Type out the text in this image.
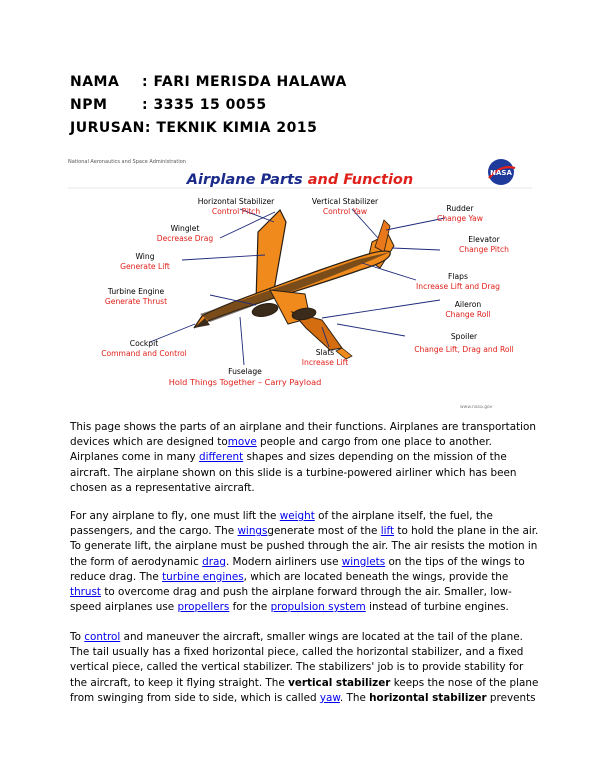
NAMA : FARI MERISDA HALAWA
NPM : 3335 15 0055
JURUSAN: TEKNIK KIMIA 2015
National Aeronautics and Space Administration
Airplane Parts and Function	NASA
Horizontal Stabilizer
Control Pitch
Vertical Stabilizer
Control Yaw	Rudder
Change Yaw
Winglet
Decrease Drag	Elevator
Change Pitch
Wing
Generate Lift
Flaps
Increase Lift and Drag
Turbine Engine
Generate Thrust	Aileron
Change Roll
Spoiler
Change Lift, Drag and Roll
Cockpit
Command and Control	Slats
Increase Lift
Fuselage
Hold Things Together – Carry Payload
www.nasa.gov

This page shows the parts of an airplane and their functions. Airplanes are transportation devices which are designed tomove people and cargo from one place to another. Airplanes come in many different shapes and sizes depending on the mission of the aircraft. The airplane shown on this slide is a turbine-powered airliner which has been chosen as a representative aircraft.

For any airplane to fly, one must lift the weight of the airplane itself, the fuel, the passengers, and the cargo. The wingsgenerate most of the lift to hold the plane in the air. To generate lift, the airplane must be pushed through the air. The air resists the motion in the form of aerodynamic drag. Modern airliners use winglets on the tips of the wings to reduce drag. The turbine engines, which are located beneath the wings, provide the thrust to overcome drag and push the airplane forward through the air. Smaller, low-speed airplanes use propellers for the propulsion system instead of turbine engines.

To control and maneuver the aircraft, smaller wings are located at the tail of the plane. The tail usually has a fixed horizontal piece, called the horizontal stabilizer, and a fixed vertical piece, called the vertical stabilizer. The stabilizers' job is to provide stability for the aircraft, to keep it flying straight. The vertical stabilizer keeps the nose of the plane from swinging from side to side, which is called yaw. The horizontal stabilizer prevents
